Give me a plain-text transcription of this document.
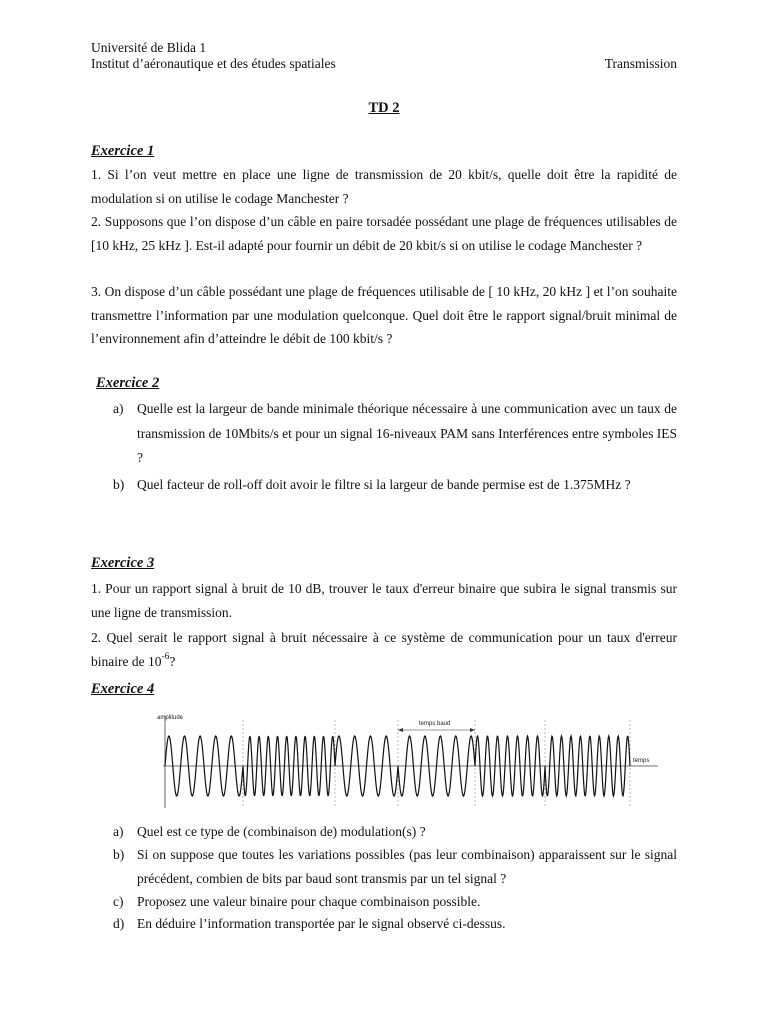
Université de Blida 1
Institut d’aéronautique et des études spatiales	Transmission
TD 2
Exercice 1
1. Si l’on veut mettre en place une ligne de transmission de 20 kbit/s, quelle doit être la rapidité de modulation si on utilise le codage Manchester ?
2. Supposons que l’on dispose d’un câble en paire torsadée possédant une plage de fréquences utilisables de [10 kHz, 25 kHz ]. Est-il adapté pour fournir un débit de 20 kbit/s si on utilise le codage Manchester ?
3. On dispose d’un câble possédant une plage de fréquences utilisable de [ 10 kHz, 20 kHz ] et l’on souhaite transmettre l’information par une modulation quelconque. Quel doit être le rapport signal/bruit minimal de l’environnement afin d’atteindre le débit de 100 kbit/s ?
Exercice 2
a) Quelle est la largeur de bande minimale théorique nécessaire à une communication avec un taux de transmission de 10Mbits/s et pour un signal 16-niveaux PAM sans Interférences entre symboles IES ?
b) Quel facteur de roll-off doit avoir le filtre si la largeur de bande permise est de 1.375MHz ?
Exercice 3
1. Pour un rapport signal à bruit de 10 dB, trouver le taux d'erreur binaire que subira le signal transmis sur une ligne de transmission.
2. Quel serait le rapport signal à bruit nécessaire à ce système de communication pour un taux d'erreur binaire de $10^{-6}$?
Exercice 4
amplitude
temps
temps baud
a) Quel est ce type de (combinaison de) modulation(s) ?
b) Si on suppose que toutes les variations possibles (pas leur combinaison) apparaissent sur le signal précédent, combien de bits par baud sont transmis par un tel signal ?
c) Proposez une valeur binaire pour chaque combinaison possible.
d) En déduire l’information transportée par le signal observé ci-dessus.
